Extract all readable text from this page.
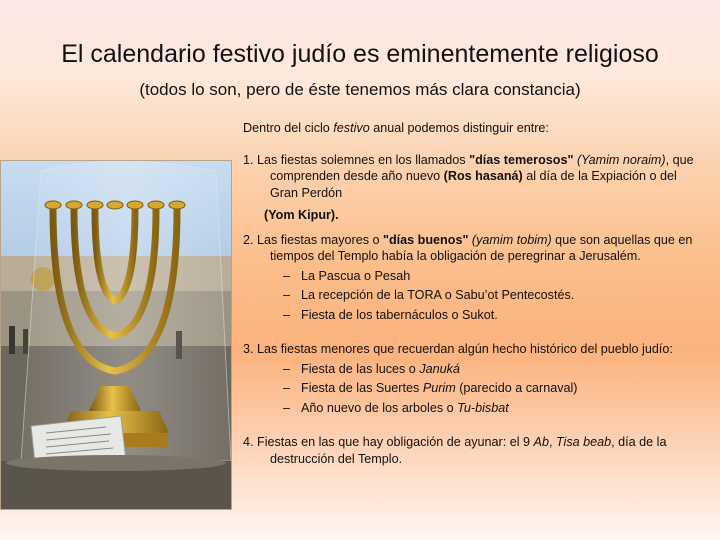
El calendario festivo judío es eminentemente religioso
(todos lo son, pero de éste tenemos más clara constancia)
Dentro del ciclo festivo anual podemos distinguir entre:
1. Las fiestas solemnes en los llamados "días temerosos" (Yamim noraim), que comprenden desde año nuevo (Ros hasaná) al día de la Expiación o del Gran Perdón
(Yom Kipur).
2. Las fiestas mayores o "días buenos" (yamim tobim) que son aquellas que en tiempos del Templo había la obligación de peregrinar a Jerusalém.
– La Pascua o Pesah
– La recepción de la TORA o Sabu’ot Pentecostés.
– Fiesta de los tabernáculos o Sukot.
3. Las fiestas menores que recuerdan algún hecho histórico del pueblo judío:
– Fiesta de las luces o Januká
– Fiesta de las Suertes Purim (parecido a carnaval)
– Año nuevo de los arboles o Tu-bisbat
4. Fiestas en las que hay obligación de ayunar: el 9 Ab, Tisa beab, día de la destrucción del Templo.
